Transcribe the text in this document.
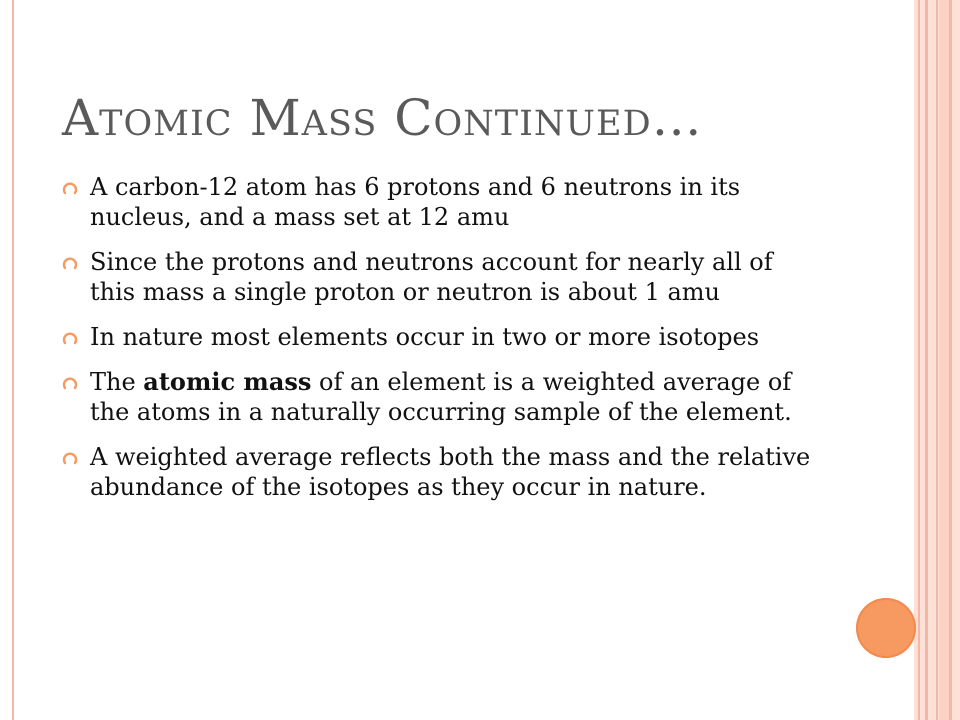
Atomic Mass Continued…
A carbon-12 atom has 6 protons and 6 neutrons in its nucleus, and a mass set at 12 amu
Since the protons and neutrons account for nearly all of this mass a single proton or neutron is about 1 amu
In nature most elements occur in two or more isotopes
The atomic mass of an element is a weighted average of the atoms in a naturally occurring sample of the element.
A weighted average reflects both the mass and the relative abundance of the isotopes as they occur in nature.
